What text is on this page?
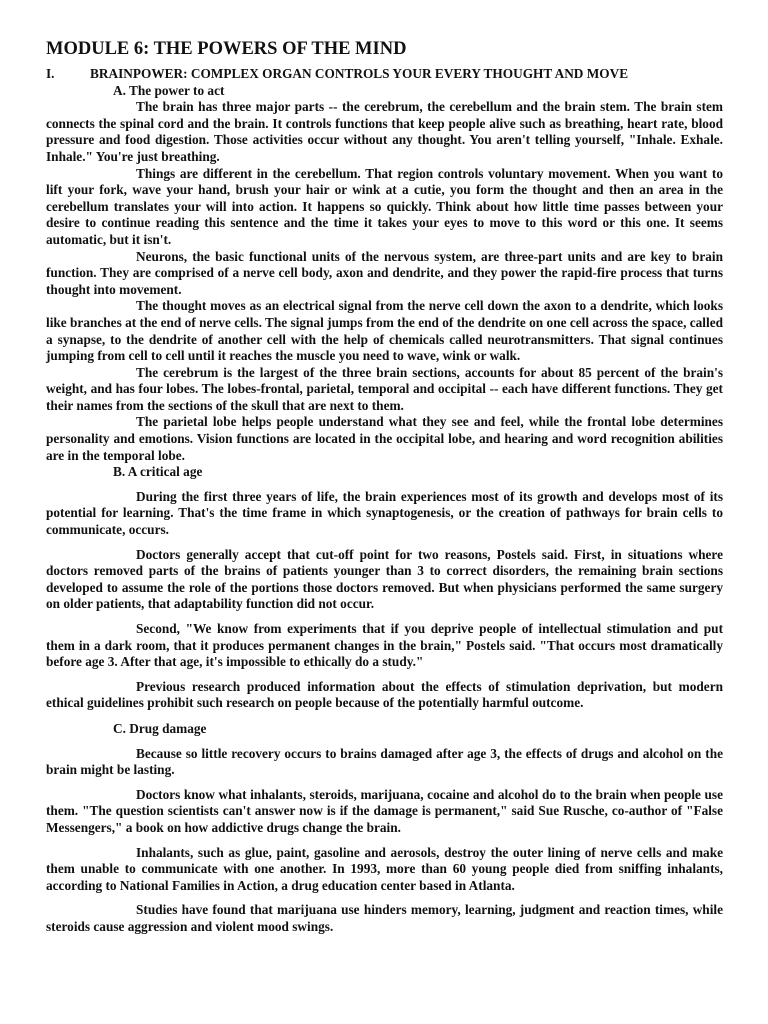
MODULE 6: THE POWERS OF THE MIND
I.	BRAINPOWER: COMPLEX ORGAN CONTROLS YOUR EVERY THOUGHT AND MOVE
A. The power to act

The brain has three major parts -- the cerebrum, the cerebellum and the brain stem. The brain stem connects the spinal cord and the brain. It controls functions that keep people alive such as breathing, heart rate, blood pressure and food digestion. Those activities occur without any thought. You aren't telling yourself, "Inhale. Exhale. Inhale." You're just breathing.

Things are different in the cerebellum. That region controls voluntary movement. When you want to lift your fork, wave your hand, brush your hair or wink at a cutie, you form the thought and then an area in the cerebellum translates your will into action. It happens so quickly. Think about how little time passes between your desire to continue reading this sentence and the time it takes your eyes to move to this word or this one. It seems automatic, but it isn't.

Neurons, the basic functional units of the nervous system, are three-part units and are key to brain function. They are comprised of a nerve cell body, axon and dendrite, and they power the rapid-fire process that turns thought into movement.

The thought moves as an electrical signal from the nerve cell down the axon to a dendrite, which looks like branches at the end of nerve cells. The signal jumps from the end of the dendrite on one cell across the space, called a synapse, to the dendrite of another cell with the help of chemicals called neurotransmitters. That signal continues jumping from cell to cell until it reaches the muscle you need to wave, wink or walk.

The cerebrum is the largest of the three brain sections, accounts for about 85 percent of the brain's weight, and has four lobes. The lobes-frontal, parietal, temporal and occipital -- each have different functions. They get their names from the sections of the skull that are next to them.

The parietal lobe helps people understand what they see and feel, while the frontal lobe determines personality and emotions. Vision functions are located in the occipital lobe, and hearing and word recognition abilities are in the temporal lobe.

B. A critical age

During the first three years of life, the brain experiences most of its growth and develops most of its potential for learning. That's the time frame in which synaptogenesis, or the creation of pathways for brain cells to communicate, occurs.

Doctors generally accept that cut-off point for two reasons, Postels said. First, in situations where doctors removed parts of the brains of patients younger than 3 to correct disorders, the remaining brain sections developed to assume the role of the portions those doctors removed. But when physicians performed the same surgery on older patients, that adaptability function did not occur.

Second, "We know from experiments that if you deprive people of intellectual stimulation and put them in a dark room, that it produces permanent changes in the brain," Postels said. "That occurs most dramatically before age 3. After that age, it's impossible to ethically do a study."

Previous research produced information about the effects of stimulation deprivation, but modern ethical guidelines prohibit such research on people because of the potentially harmful outcome.

C. Drug damage

Because so little recovery occurs to brains damaged after age 3, the effects of drugs and alcohol on the brain might be lasting.

Doctors know what inhalants, steroids, marijuana, cocaine and alcohol do to the brain when people use them. "The question scientists can't answer now is if the damage is permanent," said Sue Rusche, co-author of "False Messengers," a book on how addictive drugs change the brain.

Inhalants, such as glue, paint, gasoline and aerosols, destroy the outer lining of nerve cells and make them unable to communicate with one another. In 1993, more than 60 young people died from sniffing inhalants, according to National Families in Action, a drug education center based in Atlanta.

Studies have found that marijuana use hinders memory, learning, judgment and reaction times, while steroids cause aggression and violent mood swings.
